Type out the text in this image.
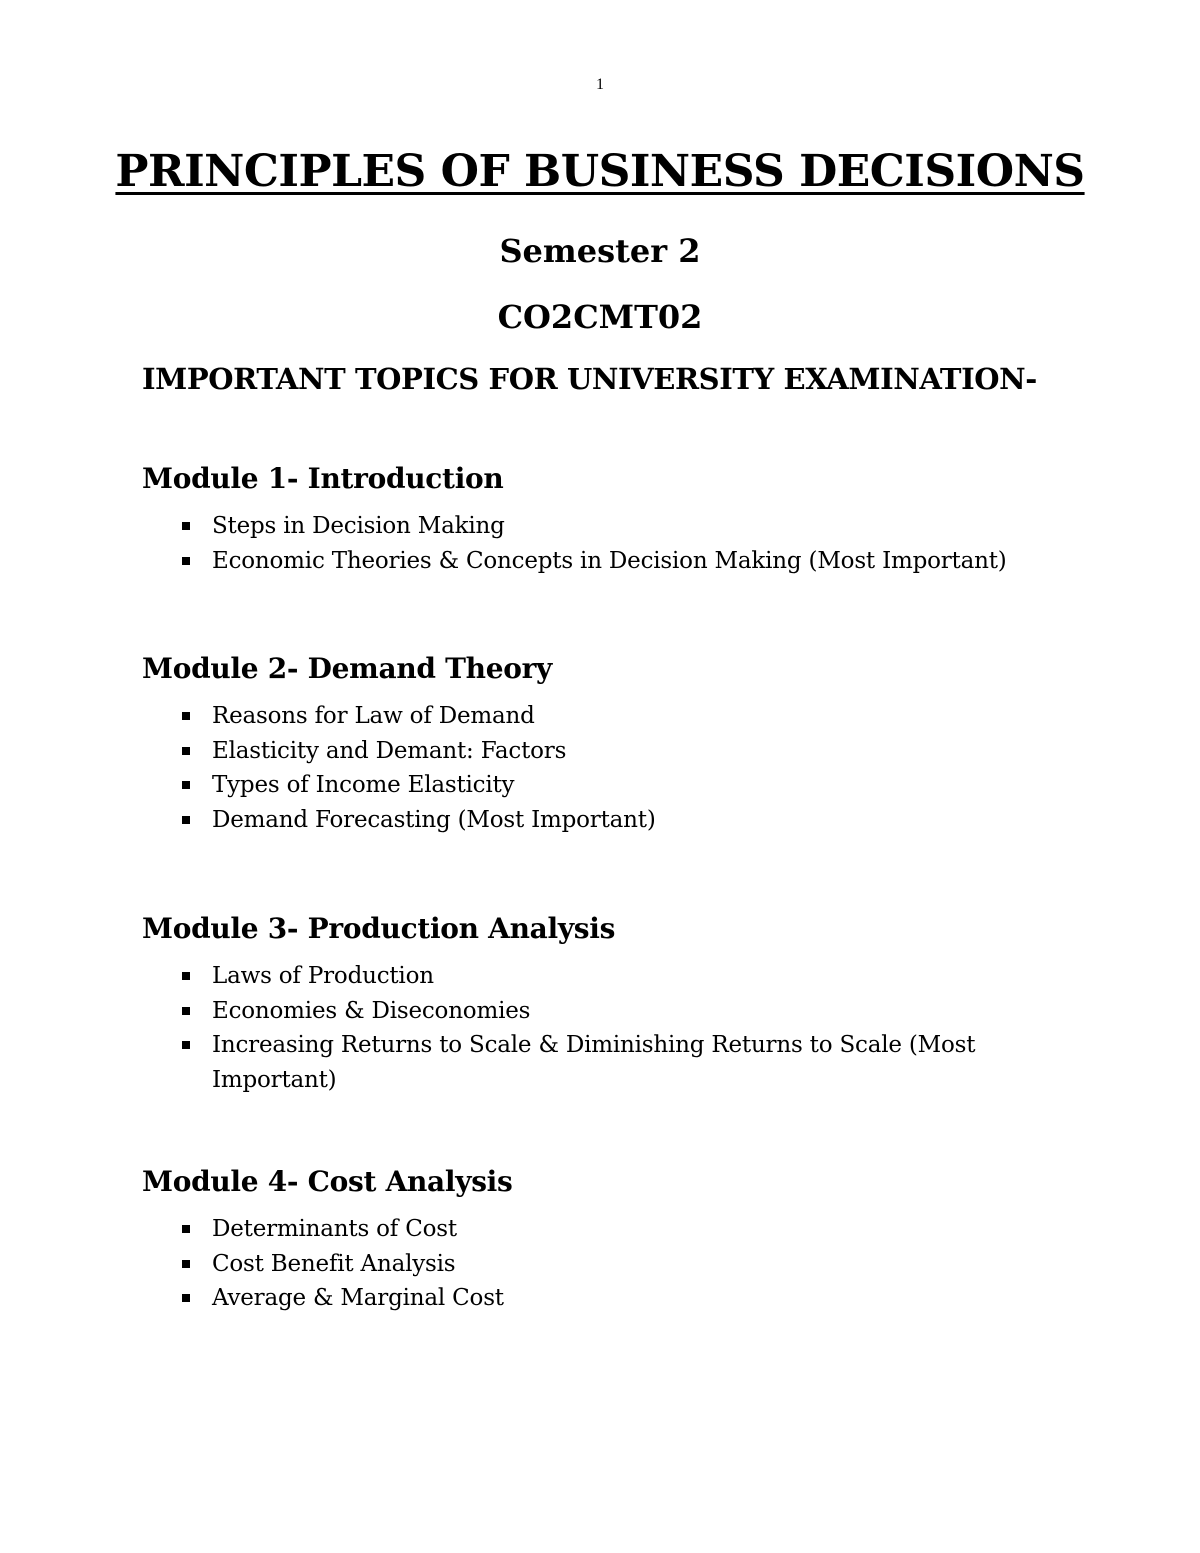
1
PRINCIPLES OF BUSINESS DECISIONS
Semester 2
CO2CMT02
IMPORTANT TOPICS FOR UNIVERSITY EXAMINATION-
Module 1- Introduction
Steps in Decision Making
Economic Theories & Concepts in Decision Making (Most Important)
Module 2- Demand Theory
Reasons for Law of Demand
Elasticity and Demant: Factors
Types of Income Elasticity
Demand Forecasting (Most Important)
Module 3- Production Analysis
Laws of Production
Economies & Diseconomies
Increasing Returns to Scale & Diminishing Returns to Scale (Most Important)
Module 4- Cost Analysis
Determinants of Cost
Cost Benefit Analysis
Average & Marginal Cost
